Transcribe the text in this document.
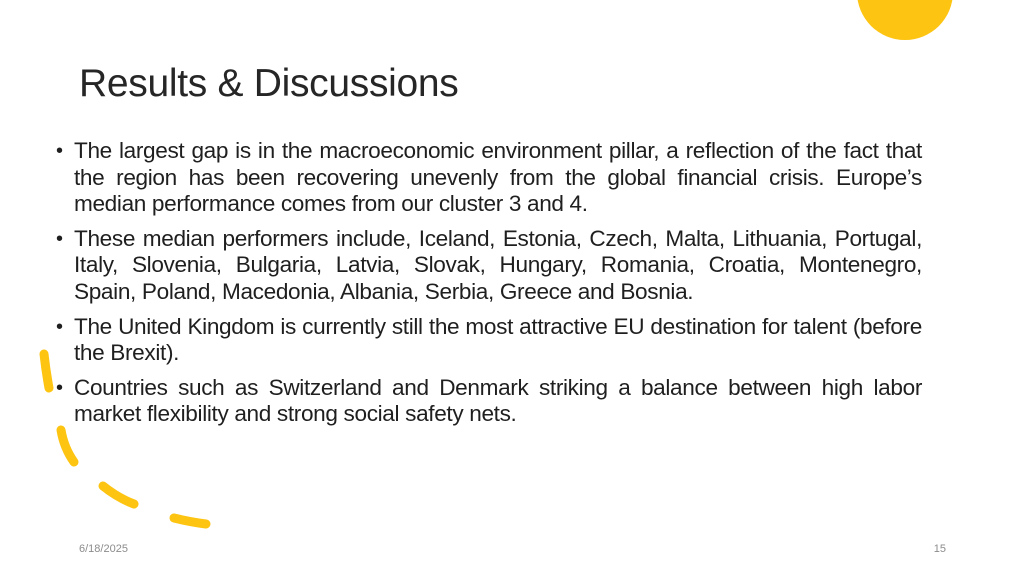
Results & Discussions
• The largest gap is in the macroeconomic environment pillar, a reflection of the fact that the region has been recovering unevenly from the global financial crisis. Europe’s median performance comes from our cluster 3 and 4.
• These median performers include, Iceland, Estonia, Czech, Malta, Lithuania, Portugal, Italy, Slovenia, Bulgaria, Latvia, Slovak, Hungary, Romania, Croatia, Montenegro, Spain, Poland, Macedonia, Albania, Serbia, Greece and Bosnia.
• The United Kingdom is currently still the most attractive EU destination for talent (before the Brexit).
• Countries such as Switzerland and Denmark striking a balance between high labor market flexibility and strong social safety nets.
6/18/2025	15
